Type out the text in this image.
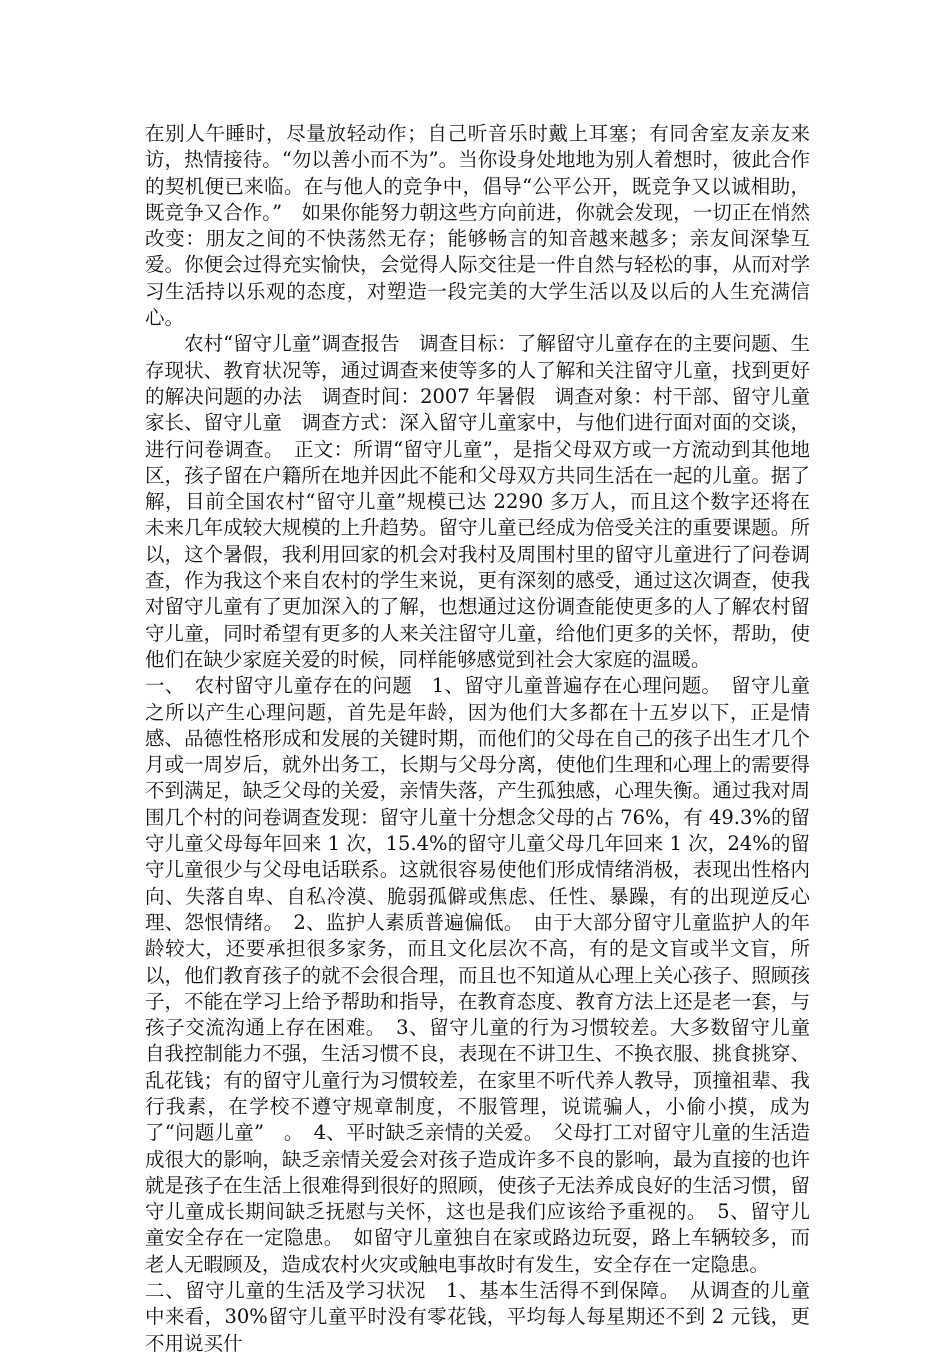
在别人午睡时，尽量放轻动作；自己听音乐时戴上耳塞；有同舍室友亲友来访，热情接待。“勿以善小而不为”。当你设身处地地为别人着想时，彼此合作的契机便已来临。在与他人的竞争中，倡导“公平公开，既竞争又以诚相助，既竞争又合作。”　如果你能努力朝这些方向前进，你就会发现，一切正在悄然改变：朋友之间的不快荡然无存；能够畅言的知音越来越多；亲友间深挚互爱。你便会过得充实愉快，会觉得人际交往是一件自然与轻松的事，从而对学习生活持以乐观的态度，对塑造一段完美的大学生活以及以后的人生充满信心。

农村“留守儿童”调查报告　调查目标：了解留守儿童存在的主要问题、生存现状、教育状况等，通过调查来使等多的人了解和关注留守儿童，找到更好的解决问题的办法　调查时间：2007 年暑假　调查对象：村干部、留守儿童家长、留守儿童　调查方式：深入留守儿童家中，与他们进行面对面的交谈，进行问卷调查。　正文：所谓“留守儿童”，是指父母双方或一方流动到其他地区，孩子留在户籍所在地并因此不能和父母双方共同生活在一起的儿童。据了解，目前全国农村“留守儿童”规模已达 2290 多万人，而且这个数字还将在未来几年成较大规模的上升趋势。留守儿童已经成为倍受关注的重要课题。所以，这个暑假，我利用回家的机会对我村及周围村里的留守儿童进行了问卷调查，作为我这个来自农村的学生来说，更有深刻的感受，通过这次调查，使我对留守儿童有了更加深入的了解，也想通过这份调查能使更多的人了解农村留守儿童，同时希望有更多的人来关注留守儿童，给他们更多的关怀，帮助，使他们在缺少家庭关爱的时候，同样能够感觉到社会大家庭的温暖。

一、　农村留守儿童存在的问题　1、留守儿童普遍存在心理问题。　留守儿童之所以产生心理问题，首先是年龄，因为他们大多都在十五岁以下，正是情感、品德性格形成和发展的关键时期，而他们的父母在自己的孩子出生才几个月或一周岁后，就外出务工，长期与父母分离，使他们生理和心理上的需要得不到满足，缺乏父母的关爱，亲情失落，产生孤独感，心理失衡。通过我对周围几个村的问卷调查发现：留守儿童十分想念父母的占 76%，有 49.3%的留守儿童父母每年回来 1 次，15.4%的留守儿童父母几年回来 1 次，24%的留守儿童很少与父母电话联系。这就很容易使他们形成情绪消极，表现出性格内向、失落自卑、自私冷漠、脆弱孤僻或焦虑、任性、暴躁，有的出现逆反心理、怨恨情绪。　2、监护人素质普遍偏低。　由于大部分留守儿童监护人的年龄较大，还要承担很多家务，而且文化层次不高，有的是文盲或半文盲，所以，他们教育孩子的就不会很合理，而且也不知道从心理上关心孩子、照顾孩子，不能在学习上给予帮助和指导，在教育态度、教育方法上还是老一套，与孩子交流沟通上存在困难。　3、留守儿童的行为习惯较差。大多数留守儿童自我控制能力不强，生活习惯不良，表现在不讲卫生、不换衣服、挑食挑穿、乱花钱；有的留守儿童行为习惯较差，在家里不听代养人教导，顶撞祖辈、我行我素，在学校不遵守规章制度，不服管理，说谎骗人，小偷小摸，成为了“问题儿童”　。　4、平时缺乏亲情的关爱。　父母打工对留守儿童的生活造成很大的影响，缺乏亲情关爱会对孩子造成许多不良的影响，最为直接的也许就是孩子在生活上很难得到很好的照顾，使孩子无法养成良好的生活习惯，留守儿童成长期间缺乏抚慰与关怀，这也是我们应该给予重视的。　5、留守儿童安全存在一定隐患。　如留守儿童独自在家或路边玩耍，路上车辆较多，而老人无暇顾及，造成农村火灾或触电事故时有发生，安全存在一定隐患。

二、留守儿童的生活及学习状况　1、基本生活得不到保障。　从调查的儿童中来看，30%留守儿童平时没有零花钱，平均每人每星期还不到 2 元钱，更不用说买什
